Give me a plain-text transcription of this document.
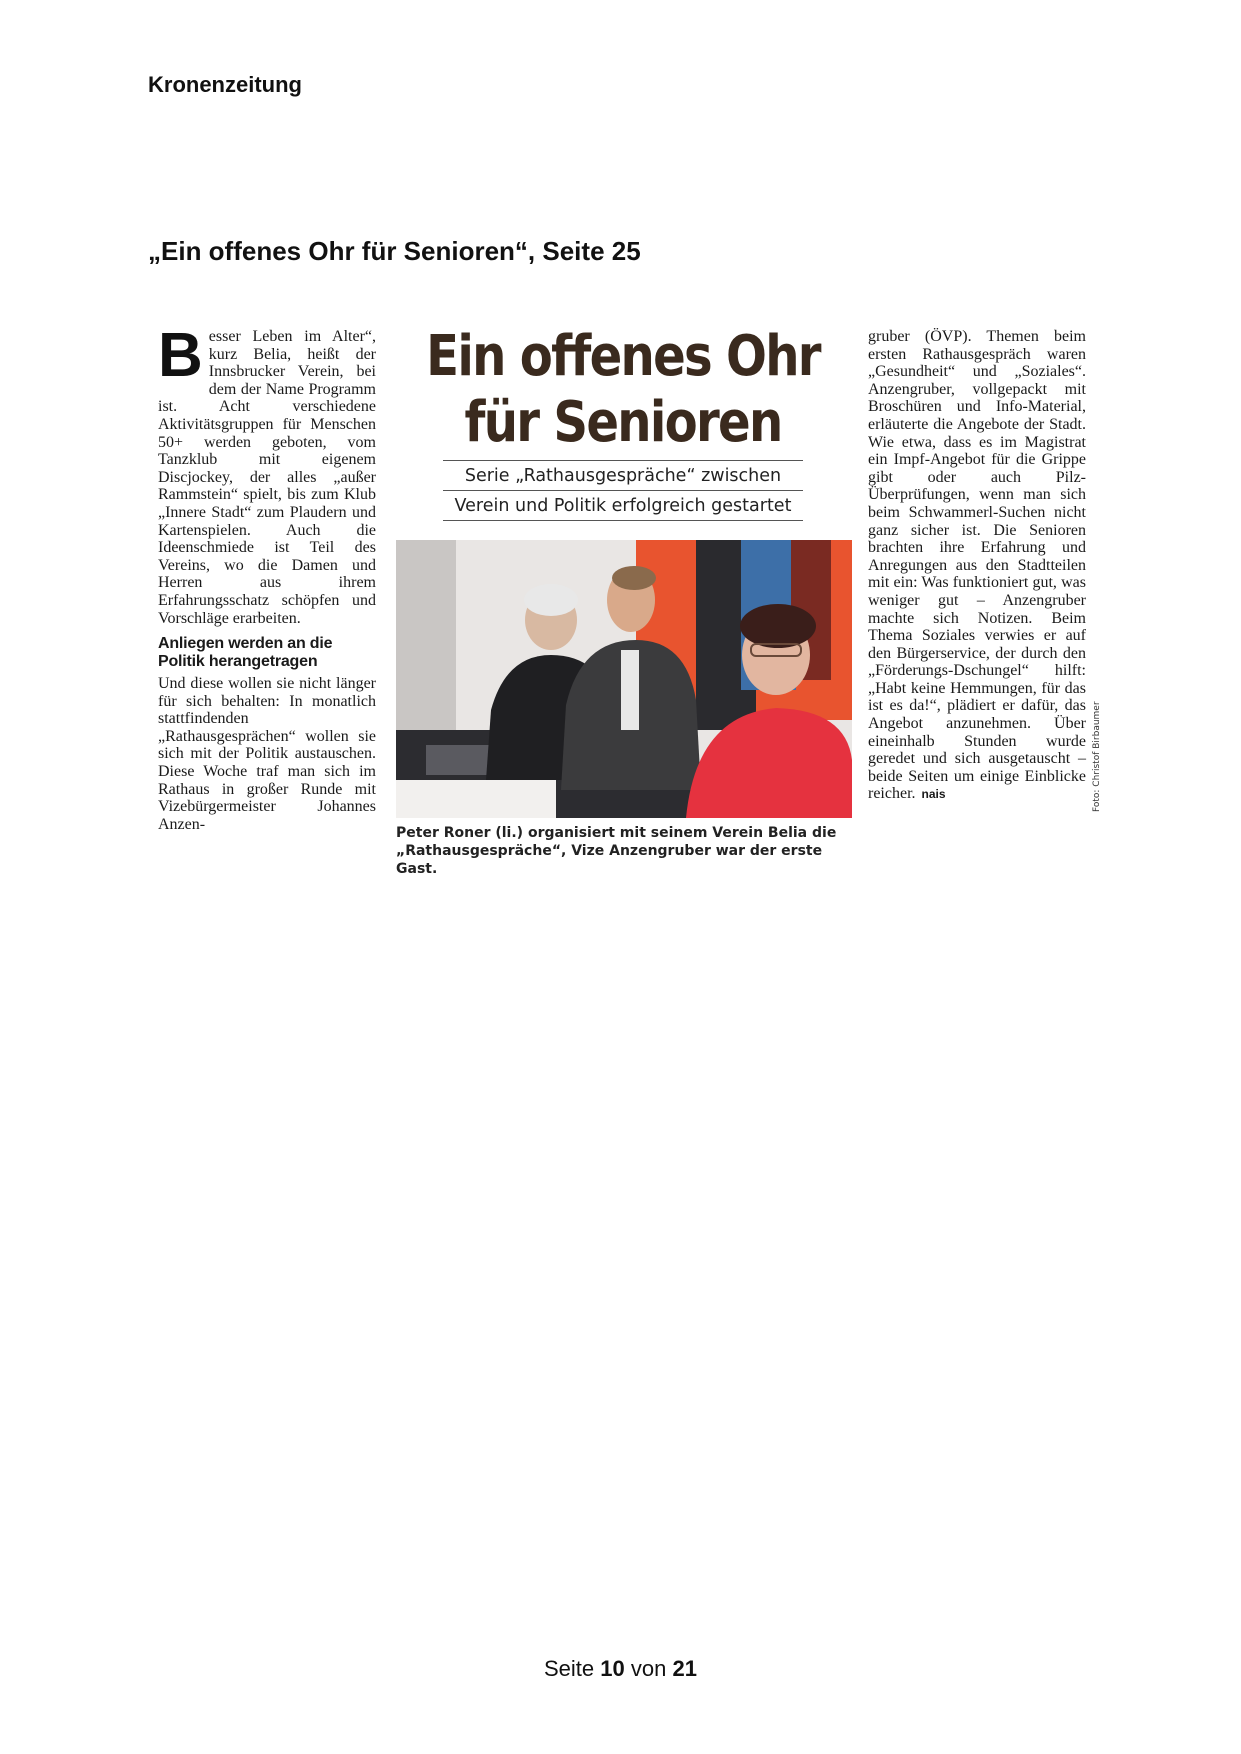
Kronenzeitung
„Ein offenes Ohr für Senioren“, Seite 25

Besser Leben im Alter“, kurz Belia, heißt der Innsbrucker Verein, bei dem der Name Programm ist. Acht verschiedene Aktivitätsgruppen für Menschen 50+ werden geboten, vom Tanzklub mit eigenem Discjockey, der alles „außer Rammstein“ spielt, bis zum Klub „Innere Stadt“ zum Plaudern und Kartenspielen. Auch die Ideenschmiede ist Teil des Vereins, wo die Damen und Herren aus ihrem Erfahrungsschatz schöpfen und Vorschläge erarbeiten.

Anliegen werden an die Politik herangetragen

Und diese wollen sie nicht länger für sich behalten: In monatlich stattfindenden „Rathausgesprächen“ wollen sie sich mit der Politik austauschen. Diese Woche traf man sich im Rathaus in großer Runde mit Vizebürgermeister Johannes Anzen-

Ein offenes Ohr
für Senioren
Serie „Rathausgespräche“ zwischen
Verein und Politik erfolgreich gestartet
Foto: Christof Birbaumer
Peter Roner (li.) organisiert mit seinem Verein Belia die „Rathausgespräche“, Vize Anzengruber war der erste Gast.

gruber (ÖVP). Themen beim ersten Rathausgespräch waren „Gesundheit“ und „Soziales“. Anzengruber, vollgepackt mit Broschüren und Info-Material, erläuterte die Angebote der Stadt. Wie etwa, dass es im Magistrat ein Impf-Angebot für die Grippe gibt oder auch Pilz-Überprüfungen, wenn man sich beim Schwammerl-Suchen nicht ganz sicher ist. Die Senioren brachten ihre Erfahrung und Anregungen aus den Stadtteilen mit ein: Was funktioniert gut, was weniger gut – Anzengruber machte sich Notizen. Beim Thema Soziales verwies er auf den Bürgerservice, der durch den „Förderungs-Dschungel“ hilft: „Habt keine Hemmungen, für das ist es da!“, plädiert er dafür, das Angebot anzunehmen. Über eineinhalb Stunden wurde geredet und sich ausgetauscht – beide Seiten um einige Einblicke reicher. nais

Seite 10 von 21
